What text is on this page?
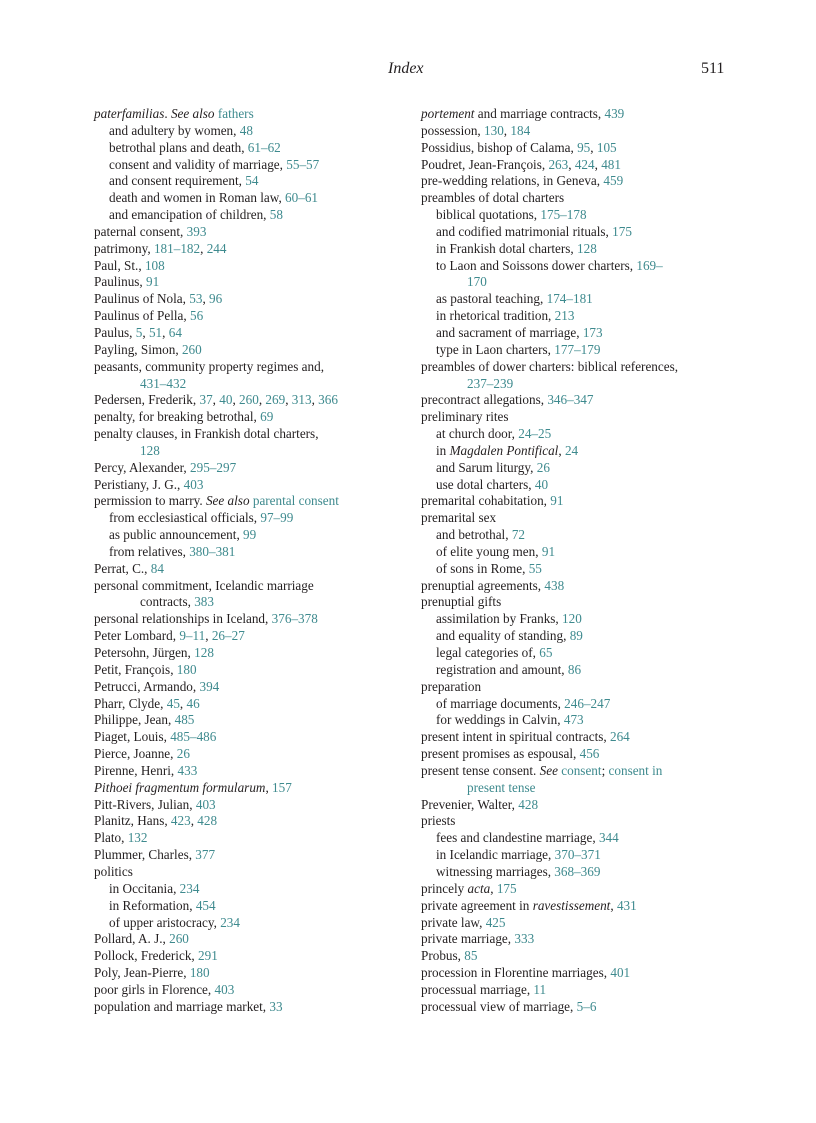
Index	511
paterfamilias. See also fathers
and adultery by women, 48
betrothal plans and death, 61–62
consent and validity of marriage, 55–57
and consent requirement, 54
death and women in Roman law, 60–61
and emancipation of children, 58
paternal consent, 393
patrimony, 181–182, 244
Paul, St., 108
Paulinus, 91
Paulinus of Nola, 53, 96
Paulinus of Pella, 56
Paulus, 5, 51, 64
Payling, Simon, 260
peasants, community property regimes and,
431–432
Pedersen, Frederik, 37, 40, 260, 269, 313, 366
penalty, for breaking betrothal, 69
penalty clauses, in Frankish dotal charters,
128
Percy, Alexander, 295–297
Peristiany, J. G., 403
permission to marry. See also parental consent
from ecclesiastical officials, 97–99
as public announcement, 99
from relatives, 380–381
Perrat, C., 84
personal commitment, Icelandic marriage
contracts, 383
personal relationships in Iceland, 376–378
Peter Lombard, 9–11, 26–27
Petersohn, Jürgen, 128
Petit, François, 180
Petrucci, Armando, 394
Pharr, Clyde, 45, 46
Philippe, Jean, 485
Piaget, Louis, 485–486
Pierce, Joanne, 26
Pirenne, Henri, 433
Pithoei fragmentum formularum, 157
Pitt-Rivers, Julian, 403
Planitz, Hans, 423, 428
Plato, 132
Plummer, Charles, 377
politics
in Occitania, 234
in Reformation, 454
of upper aristocracy, 234
Pollard, A. J., 260
Pollock, Frederick, 291
Poly, Jean-Pierre, 180
poor girls in Florence, 403
population and marriage market, 33
portement and marriage contracts, 439
possession, 130, 184
Possidius, bishop of Calama, 95, 105
Poudret, Jean-François, 263, 424, 481
pre-wedding relations, in Geneva, 459
preambles of dotal charters
biblical quotations, 175–178
and codified matrimonial rituals, 175
in Frankish dotal charters, 128
to Laon and Soissons dower charters, 169–
170
as pastoral teaching, 174–181
in rhetorical tradition, 213
and sacrament of marriage, 173
type in Laon charters, 177–179
preambles of dower charters: biblical references,
237–239
precontract allegations, 346–347
preliminary rites
at church door, 24–25
in Magdalen Pontifical, 24
and Sarum liturgy, 26
use dotal charters, 40
premarital cohabitation, 91
premarital sex
and betrothal, 72
of elite young men, 91
of sons in Rome, 55
prenuptial agreements, 438
prenuptial gifts
assimilation by Franks, 120
and equality of standing, 89
legal categories of, 65
registration and amount, 86
preparation
of marriage documents, 246–247
for weddings in Calvin, 473
present intent in spiritual contracts, 264
present promises as espousal, 456
present tense consent. See consent; consent in
present tense
Prevenier, Walter, 428
priests
fees and clandestine marriage, 344
in Icelandic marriage, 370–371
witnessing marriages, 368–369
princely acta, 175
private agreement in ravestissement, 431
private law, 425
private marriage, 333
Probus, 85
procession in Florentine marriages, 401
processual marriage, 11
processual view of marriage, 5–6
